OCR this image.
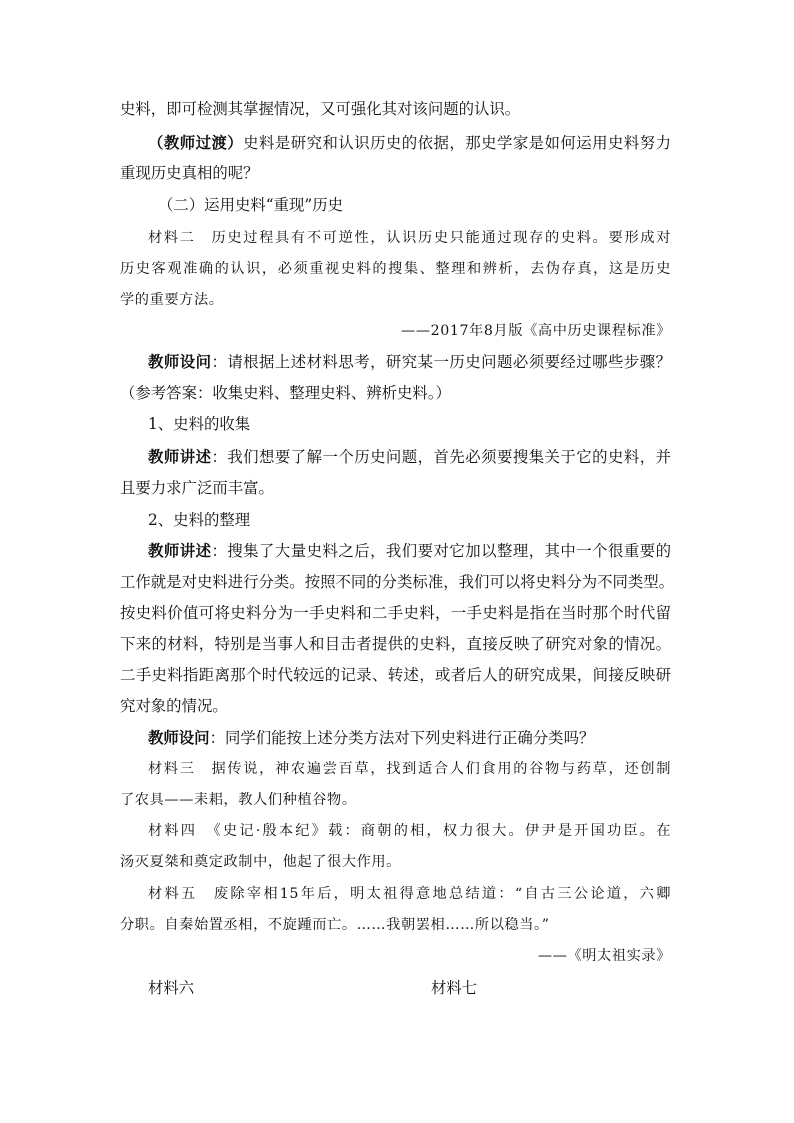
史料，即可检测其掌握情况，又可强化其对该问题的认识。
（教师过渡）史料是研究和认识历史的依据，那史学家是如何运用史料努力
重现历史真相的呢？
（二）运用史料“重现”历史
材料二　历史过程具有不可逆性，认识历史只能通过现存的史料。要形成对
历史客观准确的认识，必须重视史料的搜集、整理和辨析，去伪存真，这是历史
学的重要方法。
——2017年8月版《高中历史课程标准》
教师设问：请根据上述材料思考，研究某一历史问题必须要经过哪些步骤？
（参考答案：收集史料、整理史料、辨析史料。）
1、史料的收集
教师讲述：我们想要了解一个历史问题，首先必须要搜集关于它的史料，并
且要力求广泛而丰富。
2、史料的整理
教师讲述：搜集了大量史料之后，我们要对它加以整理，其中一个很重要的
工作就是对史料进行分类。按照不同的分类标准，我们可以将史料分为不同类型。
按史料价值可将史料分为一手史料和二手史料，一手史料是指在当时那个时代留
下来的材料，特别是当事人和目击者提供的史料，直接反映了研究对象的情况。
二手史料指距离那个时代较远的记录、转述，或者后人的研究成果，间接反映研
究对象的情况。
教师设问：同学们能按上述分类方法对下列史料进行正确分类吗？
材料三　据传说，神农遍尝百草，找到适合人们食用的谷物与药草，还创制
了农具——耒耜，教人们种植谷物。
材料四　《史记·殷本纪》载：商朝的相，权力很大。伊尹是开国功臣。在
汤灭夏桀和奠定政制中，他起了很大作用。
材料五　废除宰相15年后，明太祖得意地总结道：“自古三公论道，六卿
分职。自秦始置丞相，不旋踵而亡。……我朝罢相……所以稳当。”
——《明太祖实录》
材料六	材料七
